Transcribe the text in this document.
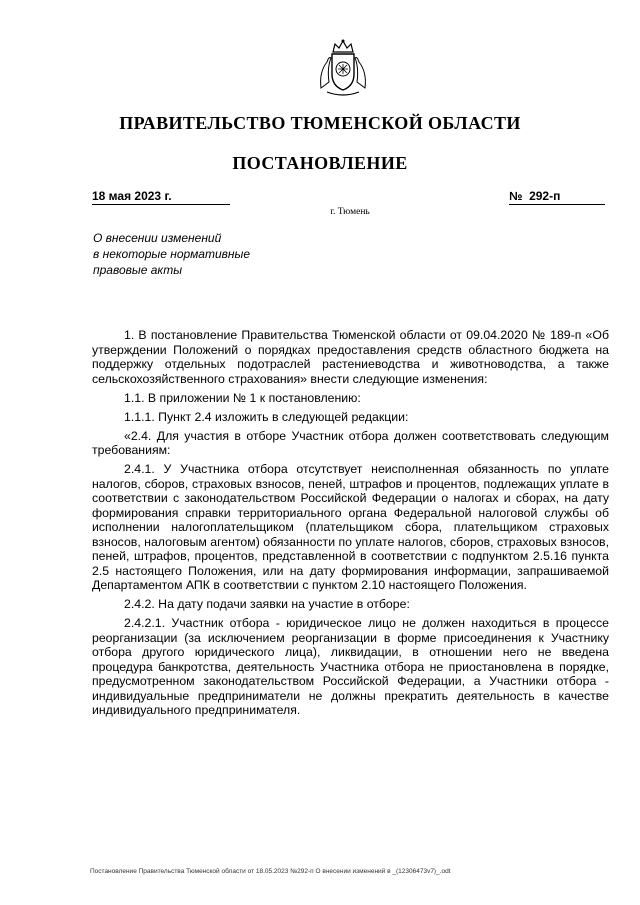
ПРАВИТЕЛЬСТВО ТЮМЕНСКОЙ ОБЛАСТИ
ПОСТАНОВЛЕНИЕ
18 мая 2023 г.	№ 292-п
г. Тюмень
О внесении изменений
в некоторые нормативные
правовые акты

1. В постановление Правительства Тюменской области от 09.04.2020 № 189-п «Об утверждении Положений о порядках предоставления средств областного бюджета на поддержку отдельных подотраслей растениеводства и животноводства, а также сельскохозяйственного страхования» внести следующие изменения:

1.1. В приложении № 1 к постановлению:

1.1.1. Пункт 2.4 изложить в следующей редакции:

«2.4. Для участия в отборе Участник отбора должен соответствовать следующим требованиям:

2.4.1. У Участника отбора отсутствует неисполненная обязанность по уплате налогов, сборов, страховых взносов, пеней, штрафов и процентов, подлежащих уплате в соответствии с законодательством Российской Федерации о налогах и сборах, на дату формирования справки территориального органа Федеральной налоговой службы об исполнении налогоплательщиком (плательщиком сбора, плательщиком страховых взносов, налоговым агентом) обязанности по уплате налогов, сборов, страховых взносов, пеней, штрафов, процентов, представленной в соответствии с подпунктом 2.5.16 пункта 2.5 настоящего Положения, или на дату формирования информации, запрашиваемой Департаментом АПК в соответствии с пунктом 2.10 настоящего Положения.

2.4.2. На дату подачи заявки на участие в отборе:

2.4.2.1. Участник отбора - юридическое лицо не должен находиться в процессе реорганизации (за исключением реорганизации в форме присоединения к Участнику отбора другого юридического лица), ликвидации, в отношении него не введена процедура банкротства, деятельность Участника отбора не приостановлена в порядке, предусмотренном законодательством Российской Федерации, а Участники отбора - индивидуальные предприниматели не должны прекратить деятельность в качестве индивидуального предпринимателя.

Постановление Правительства Тюменской области от 18.05.2023 №292-п О внесении изменений в _(12306473v7)_.odt
